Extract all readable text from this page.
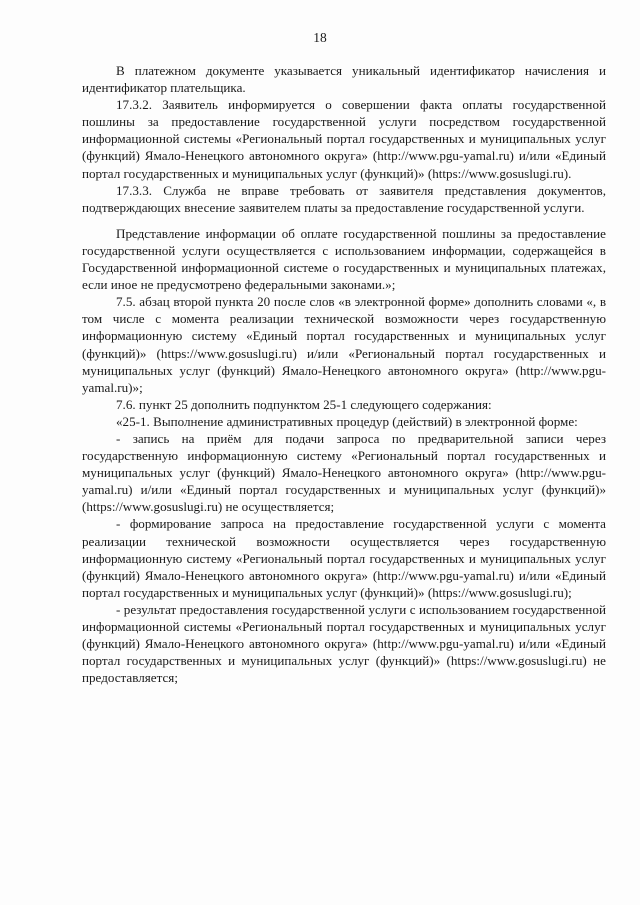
18

В платежном документе указывается уникальный идентификатор начисления и идентификатор плательщика.

17.3.2. Заявитель информируется о совершении факта оплаты государственной пошлины за предоставление государственной услуги посредством государственной информационной системы «Региональный портал государственных и муниципальных услуг (функций) Ямало-Ненецкого автономного округа» (http://www.pgu-yamal.ru) и/или «Единый портал государственных и муниципальных услуг (функций)» (https://www.gosuslugi.ru).

17.3.3. Служба не вправе требовать от заявителя представления документов, подтверждающих внесение заявителем платы за предоставление государственной услуги.

Представление информации об оплате государственной пошлины за предоставление государственной услуги осуществляется с использованием информации, содержащейся в Государственной информационной системе о государственных и муниципальных платежах, если иное не предусмотрено федеральными законами.»;

7.5. абзац второй пункта 20 после слов «в электронной форме» дополнить словами «, в том числе с момента реализации технической возможности через государственную информационную систему «Единый портал государственных и муниципальных услуг (функций)» (https://www.gosuslugi.ru) и/или «Региональный портал государственных и муниципальных услуг (функций) Ямало-Ненецкого автономного округа» (http://www.pgu-yamal.ru)»;

7.6. пункт 25 дополнить подпунктом 25-1 следующего содержания:

«25-1. Выполнение административных процедур (действий) в электронной форме:

- запись на приём для подачи запроса по предварительной записи через государственную информационную систему «Региональный портал государственных и муниципальных услуг (функций) Ямало-Ненецкого автономного округа» (http://www.pgu-yamal.ru) и/или «Единый портал государственных и муниципальных услуг (функций)» (https://www.gosuslugi.ru) не осуществляется;

- формирование запроса на предоставление государственной услуги с момента реализации технической возможности осуществляется через государственную информационную систему «Региональный портал государственных и муниципальных услуг (функций) Ямало-Ненецкого автономного округа» (http://www.pgu-yamal.ru) и/или «Единый портал государственных и муниципальных услуг (функций)» (https://www.gosuslugi.ru);

- результат предоставления государственной услуги с использованием государственной информационной системы «Региональный портал государственных и муниципальных услуг (функций) Ямало-Ненецкого автономного округа» (http://www.pgu-yamal.ru) и/или «Единый портал государственных и муниципальных услуг (функций)» (https://www.gosuslugi.ru) не предоставляется;
